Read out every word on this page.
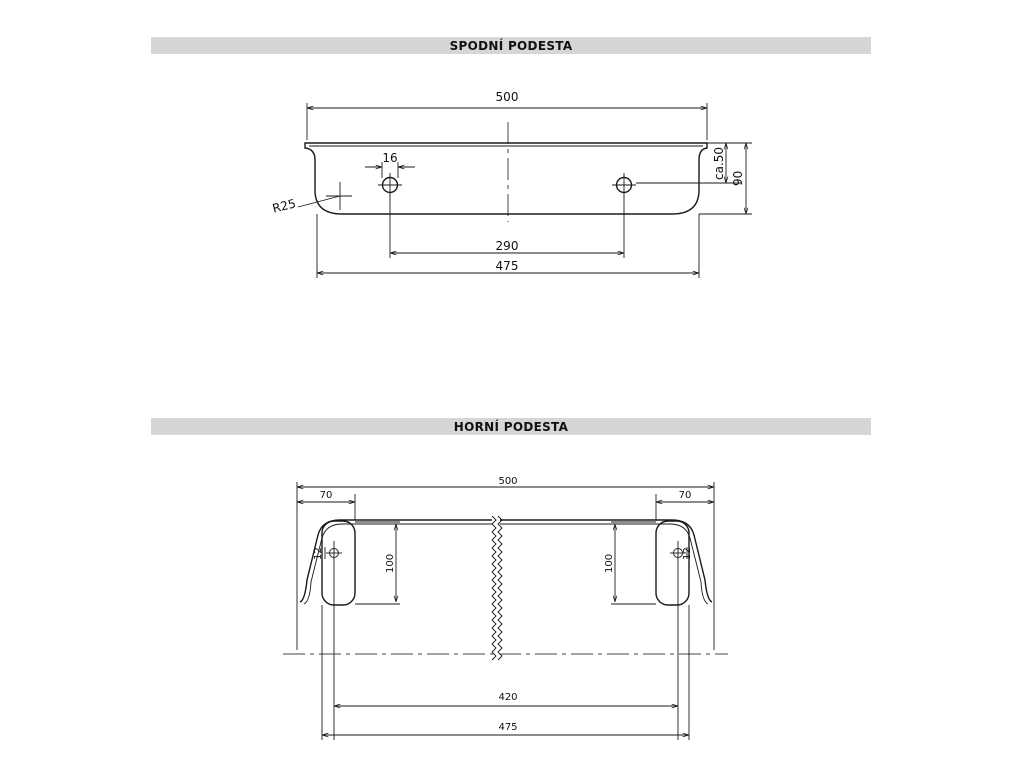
SPODNÍ PODESTA
HORNÍ PODESTA
500
16
R25
290
475
ca.50 90
500
70	70
12	12
100	100
420
475
